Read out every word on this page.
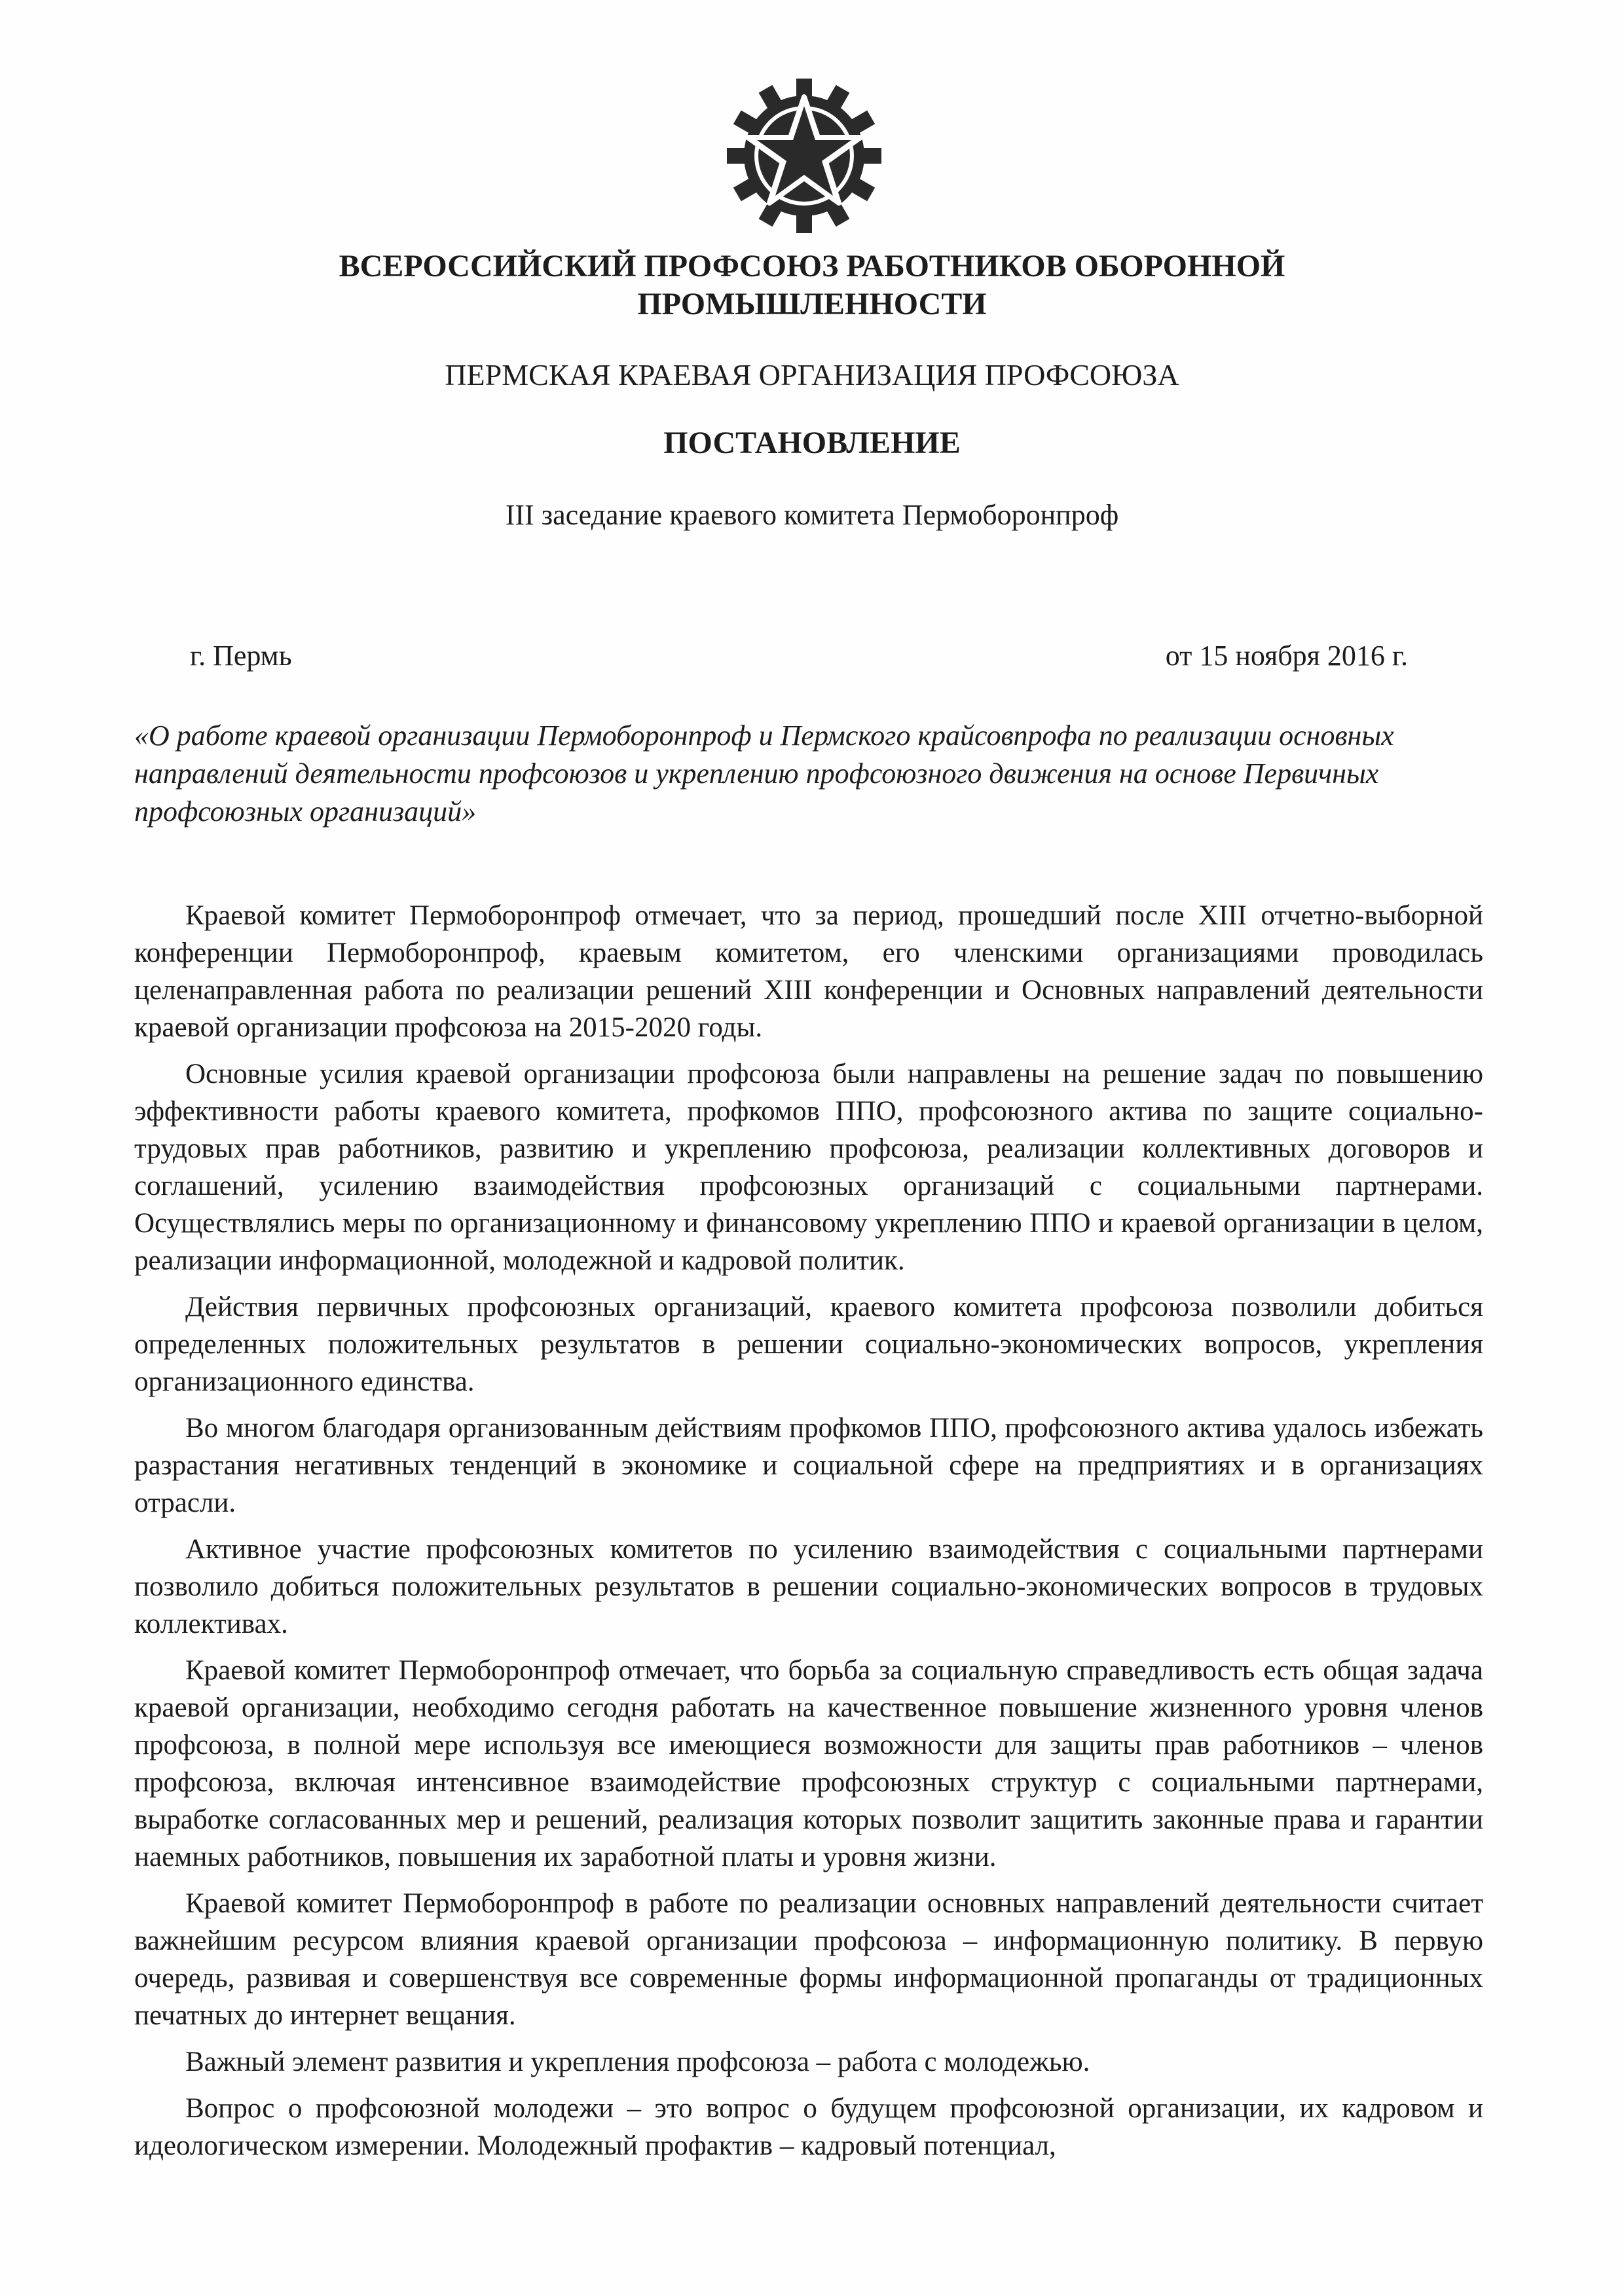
ВСЕРОССИЙСКИЙ ПРОФСОЮЗ РАБОТНИКОВ ОБОРОННОЙ
ПРОМЫШЛЕННОСТИ
ПЕРМСКАЯ КРАЕВАЯ ОРГАНИЗАЦИЯ ПРОФСОЮЗА
ПОСТАНОВЛЕНИЕ
III заседание краевого комитета Пермоборонпроф
г. Пермь	от 15 ноября 2016 г.
«О работе краевой организации Пермоборонпроф и Пермского крайсовпрофа по реализации основных направлений деятельности профсоюзов и укреплению профсоюзного движения на основе Первичных профсоюзных организаций»

Краевой комитет Пермоборонпроф отмечает, что за период, прошедший после XIII отчетно-выборной конференции Пермоборонпроф, краевым комитетом, его членскими организациями проводилась целенаправленная работа по реализации решений XIII конференции и Основных направлений деятельности краевой организации профсоюза на 2015-2020 годы.

Основные усилия краевой организации профсоюза были направлены на решение задач по повышению эффективности работы краевого комитета, профкомов ППО, профсоюзного актива по защите социально-трудовых прав работников, развитию и укреплению профсоюза, реализации коллективных договоров и соглашений, усилению взаимодействия профсоюзных организаций с социальными партнерами. Осуществлялись меры по организационному и финансовому укреплению ППО и краевой организации в целом, реализации информационной, молодежной и кадровой политик.

Действия первичных профсоюзных организаций, краевого комитета профсоюза позволили добиться определенных положительных результатов в решении социально-экономических вопросов, укрепления организационного единства.

Во многом благодаря организованным действиям профкомов ППО, профсоюзного актива удалось избежать разрастания негативных тенденций в экономике и социальной сфере на предприятиях и в организациях отрасли.

Активное участие профсоюзных комитетов по усилению взаимодействия с социальными партнерами позволило добиться положительных результатов в решении социально-экономических вопросов в трудовых коллективах.

Краевой комитет Пермоборонпроф отмечает, что борьба за социальную справедливость есть общая задача краевой организации, необходимо сегодня работать на качественное повышение жизненного уровня членов профсоюза, в полной мере используя все имеющиеся возможности для защиты прав работников – членов профсоюза, включая интенсивное взаимодействие профсоюзных структур с социальными партнерами, выработке согласованных мер и решений, реализация которых позволит защитить законные права и гарантии наемных работников, повышения их заработной платы и уровня жизни.

Краевой комитет Пермоборонпроф в работе по реализации основных направлений деятельности считает важнейшим ресурсом влияния краевой организации профсоюза – информационную политику. В первую очередь, развивая и совершенствуя все современные формы информационной пропаганды от традиционных печатных до интернет вещания.

Важный элемент развития и укрепления профсоюза – работа с молодежью.

Вопрос о профсоюзной молодежи – это вопрос о будущем профсоюзной организации, их кадровом и идеологическом измерении. Молодежный профактив – кадровый потенциал,
